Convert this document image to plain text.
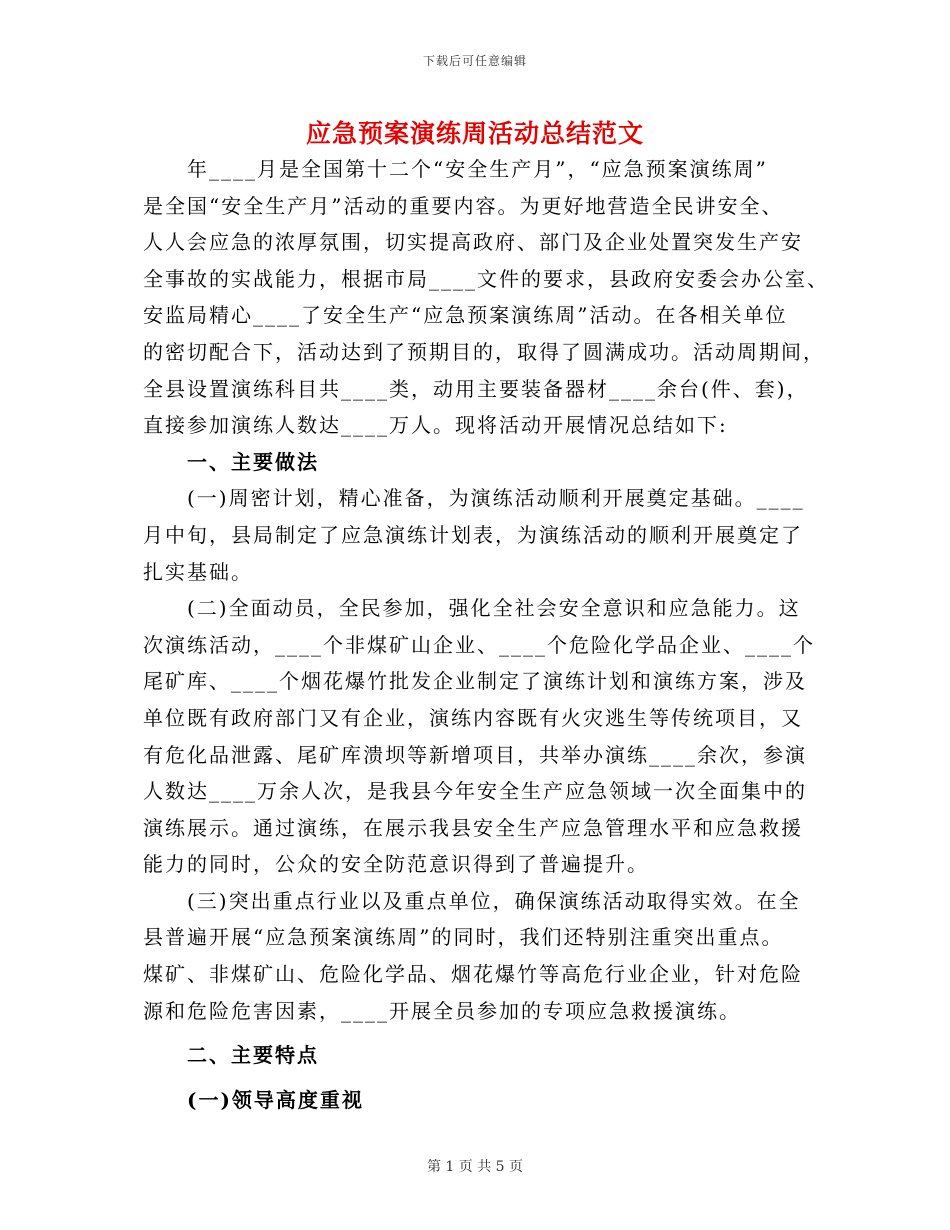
下载后可任意编辑
应急预案演练周活动总结范文
年____月是全国第十二个“安全生产月”，“应急预案演练周”
是全国“安全生产月”活动的重要内容。为更好地营造全民讲安全、
人人会应急的浓厚氛围，切实提高政府、部门及企业处置突发生产安
全事故的实战能力，根据市局____文件的要求，县政府安委会办公室、
安监局精心____了安全生产“应急预案演练周”活动。在各相关单位
的密切配合下，活动达到了预期目的，取得了圆满成功。活动周期间，
全县设置演练科目共____类，动用主要装备器材____余台(件、套)，
直接参加演练人数达____万人。现将活动开展情况总结如下:
一、主要做法
(一)周密计划，精心准备，为演练活动顺利开展奠定基础。____
月中旬，县局制定了应急演练计划表，为演练活动的顺利开展奠定了
扎实基础。
(二)全面动员，全民参加，强化全社会安全意识和应急能力。这
次演练活动，____个非煤矿山企业、____个危险化学品企业、____个
尾矿库、____个烟花爆竹批发企业制定了演练计划和演练方案，涉及
单位既有政府部门又有企业，演练内容既有火灾逃生等传统项目，又
有危化品泄露、尾矿库溃坝等新增项目，共举办演练____余次，参演
人数达____万余人次，是我县今年安全生产应急领域一次全面集中的
演练展示。通过演练，在展示我县安全生产应急管理水平和应急救援
能力的同时，公众的安全防范意识得到了普遍提升。
(三)突出重点行业以及重点单位，确保演练活动取得实效。在全
县普遍开展“应急预案演练周”的同时，我们还特别注重突出重点。
煤矿、非煤矿山、危险化学品、烟花爆竹等高危行业企业，针对危险
源和危险危害因素，____开展全员参加的专项应急救援演练。
二、主要特点
(一)领导高度重视
第 1 页 共 5 页
